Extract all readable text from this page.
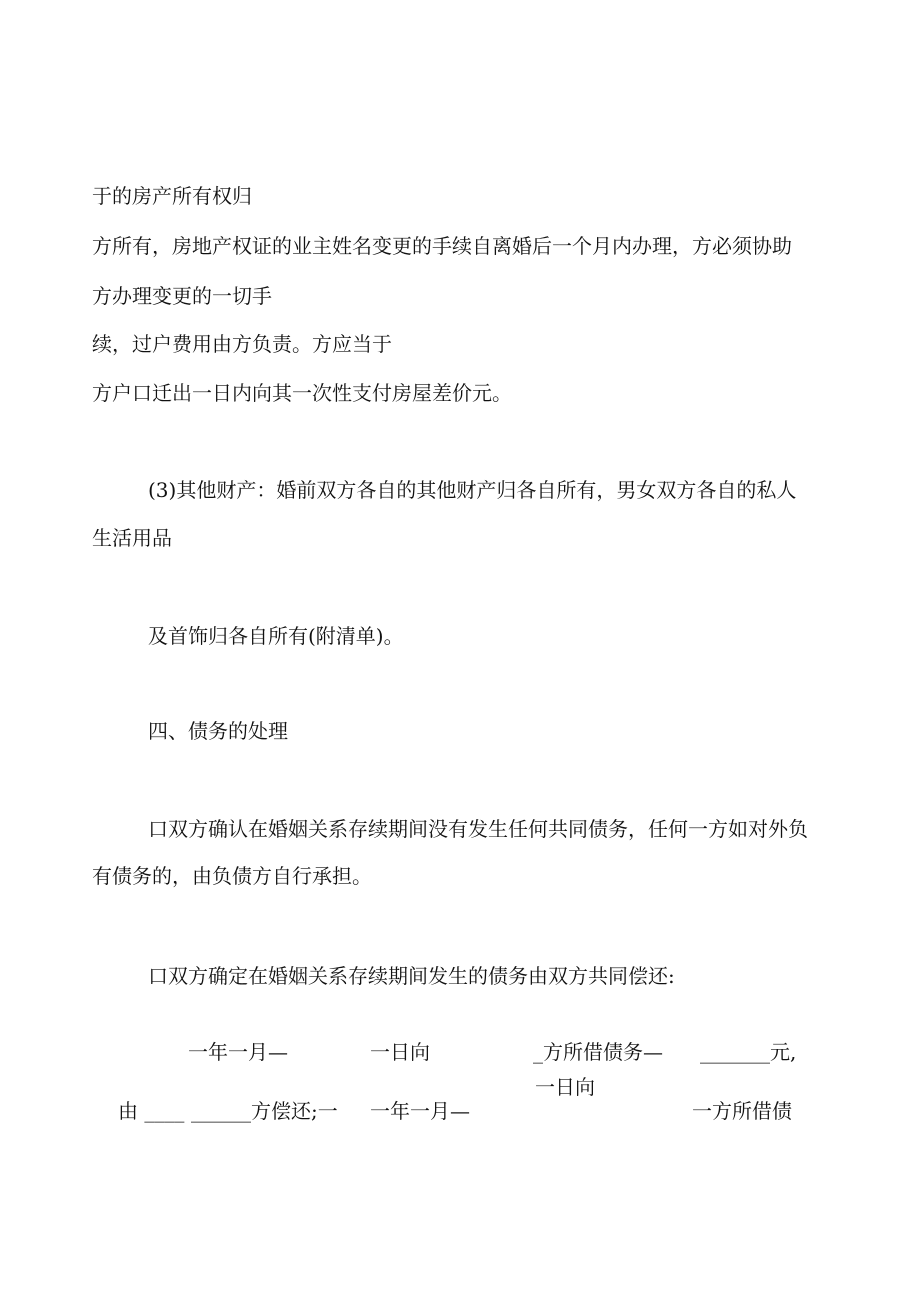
于的房产所有权归
方所有，房地产权证的业主姓名变更的手续自离婚后一个月内办理，方必须协助
方办理变更的一切手
续，过户费用由方负责。方应当于
方户口迁出一日内向其一次性支付房屋差价元。
(3)其他财产：婚前双方各自的其他财产归各自所有，男女双方各自的私人
生活用品
及首饰归各自所有(附清单)。
四、债务的处理
口双方确认在婚姻关系存续期间没有发生任何共同债务，任何一方如对外负
有债务的，由负债方自行承担。
口双方确定在婚姻关系存续期间发生的债务由双方共同偿还:
一年一月—	一日向	_方所借债务— _______元,
一日向
由 ____ ______方偿还;一 一年一月—	一方所借债
